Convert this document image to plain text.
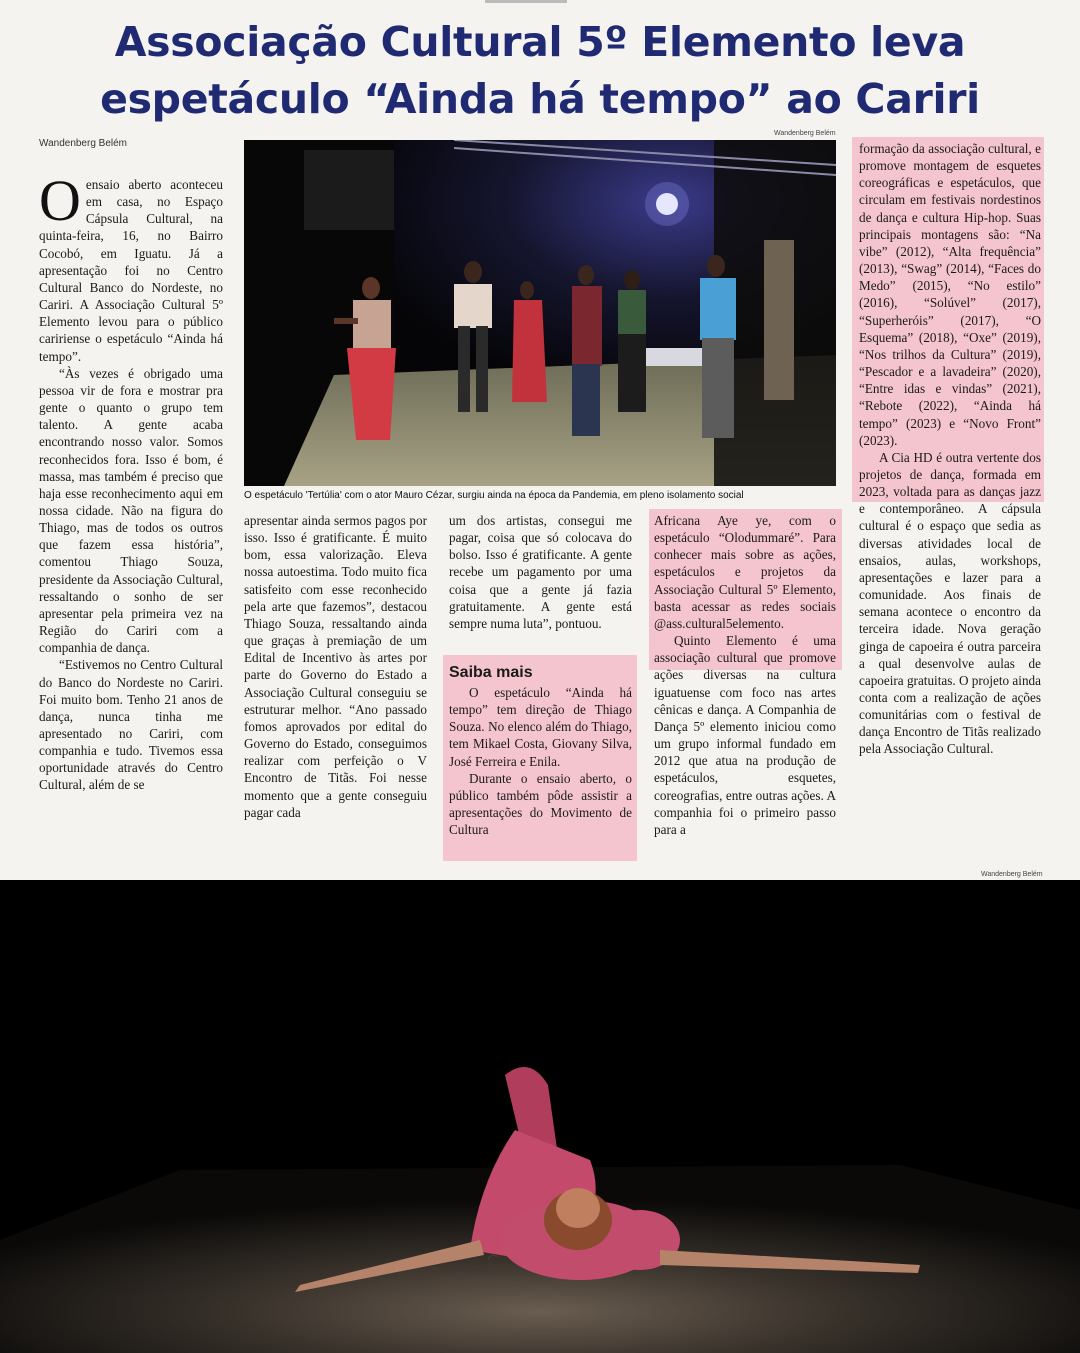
Associação Cultural 5º Elemento leva
espetáculo “Ainda há tempo” ao Cariri
Wandenberg Belém
Wandenberg Belém
Wandenberg Belém

Oensaio aberto aconteceu em casa, no Espaço Cápsula Cultural, na quinta-feira, 16, no Bairro Cocobó, em Iguatu. Já a apresentação foi no Centro Cultural Banco do Nordeste, no Cariri. A Associação Cultural 5º Elemento levou para o público caririense o espetáculo “Ainda há tempo”.

“Às vezes é obrigado uma pessoa vir de fora e mostrar pra gente o quanto o grupo tem talento. A gente acaba encontrando nosso valor. Somos reconhecidos fora. Isso é bom, é massa, mas também é preciso que haja esse reconhecimento aqui em nossa cidade. Não na figura do Thiago, mas de todos os outros que fazem essa história”, comentou Thiago Souza, presidente da Associação Cultural, ressaltando o sonho de ser apresentar pela primeira vez na Região do Cariri com a companhia de dança.

“Estivemos no Centro Cultural do Banco do Nordeste no Cariri. Foi muito bom. Tenho 21 anos de dança, nunca tinha me apresentado no Cariri, com companhia e tudo. Tivemos essa oportunidade através do Centro Cultural, além de se

O espetáculo 'Tertúlia' com o ator Mauro Cézar, surgiu ainda na época da Pandemia, em pleno isolamento social

apresentar ainda sermos pagos por isso. Isso é gratificante. É muito bom, essa valorização. Eleva nossa autoestima. Todo muito fica satisfeito com esse reconhecido pela arte que fazemos”, destacou Thiago Souza, ressaltando ainda que graças à premiação de um Edital de Incentivo às artes por parte do Governo do Estado a Associação Cultural conseguiu se estruturar melhor. “Ano passado fomos aprovados por edital do Governo do Estado, conseguimos realizar com perfeição o V Encontro de Titãs. Foi nesse momento que a gente conseguiu pagar cada

um dos artistas, consegui me pagar, coisa que só colocava do bolso. Isso é gratificante. A gente recebe um pagamento por uma coisa que a gente já fazia gratuitamente. A gente está sempre numa luta”, pontuou.

Saiba mais

O espetáculo “Ainda há tempo” tem direção de Thiago Souza. No elenco além do Thiago, tem Mikael Costa, Giovany Silva, José Ferreira e Enila.

Durante o ensaio aberto, o público também pôde assistir a apresentações do Movimento de Cultura

Africana Aye ye, com o espetáculo “Olodummaré”. Para conhecer mais sobre as ações, espetáculos e projetos da Associação Cultural 5º Elemento, basta acessar as redes sociais @ass.cultural5elemento.

Quinto Elemento é uma associação cultural que promove ações diversas na cultura iguatuense com foco nas artes cênicas e dança. A Companhia de Dança 5º elemento iniciou como um grupo informal fundado em 2012 que atua na produção de espetáculos, esquetes, coreografias, entre outras ações. A companhia foi o primeiro passo para a

formação da associação cultural, e promove montagem de esquetes coreográficas e espetáculos, que circulam em festivais nordestinos de dança e cultura Hip-hop. Suas principais montagens são: “Na vibe” (2012), “Alta frequência” (2013), “Swag” (2014), “Faces do Medo” (2015), “No estilo” (2016), “Solúvel” (2017), “Superheróis” (2017), “O Esquema” (2018), “Oxe” (2019), “Nos trilhos da Cultura” (2019), “Pescador e a lavadeira” (2020), “Entre idas e vindas” (2021), “Rebote (2022), “Ainda há tempo” (2023) e “Novo Front” (2023).

A Cia HD é outra vertente dos projetos de dança, formada em 2023, voltada para as danças jazz e contemporâneo. A cápsula cultural é o espaço que sedia as diversas atividades local de ensaios, aulas, workshops, apresentações e lazer para a comunidade. Aos finais de semana acontece o encontro da terceira idade. Nova geração ginga de capoeira é outra parceira a qual desenvolve aulas de capoeira gratuitas. O projeto ainda conta com a realização de ações comunitárias com o festival de dança Encontro de Titãs realizado pela Associação Cultural.
